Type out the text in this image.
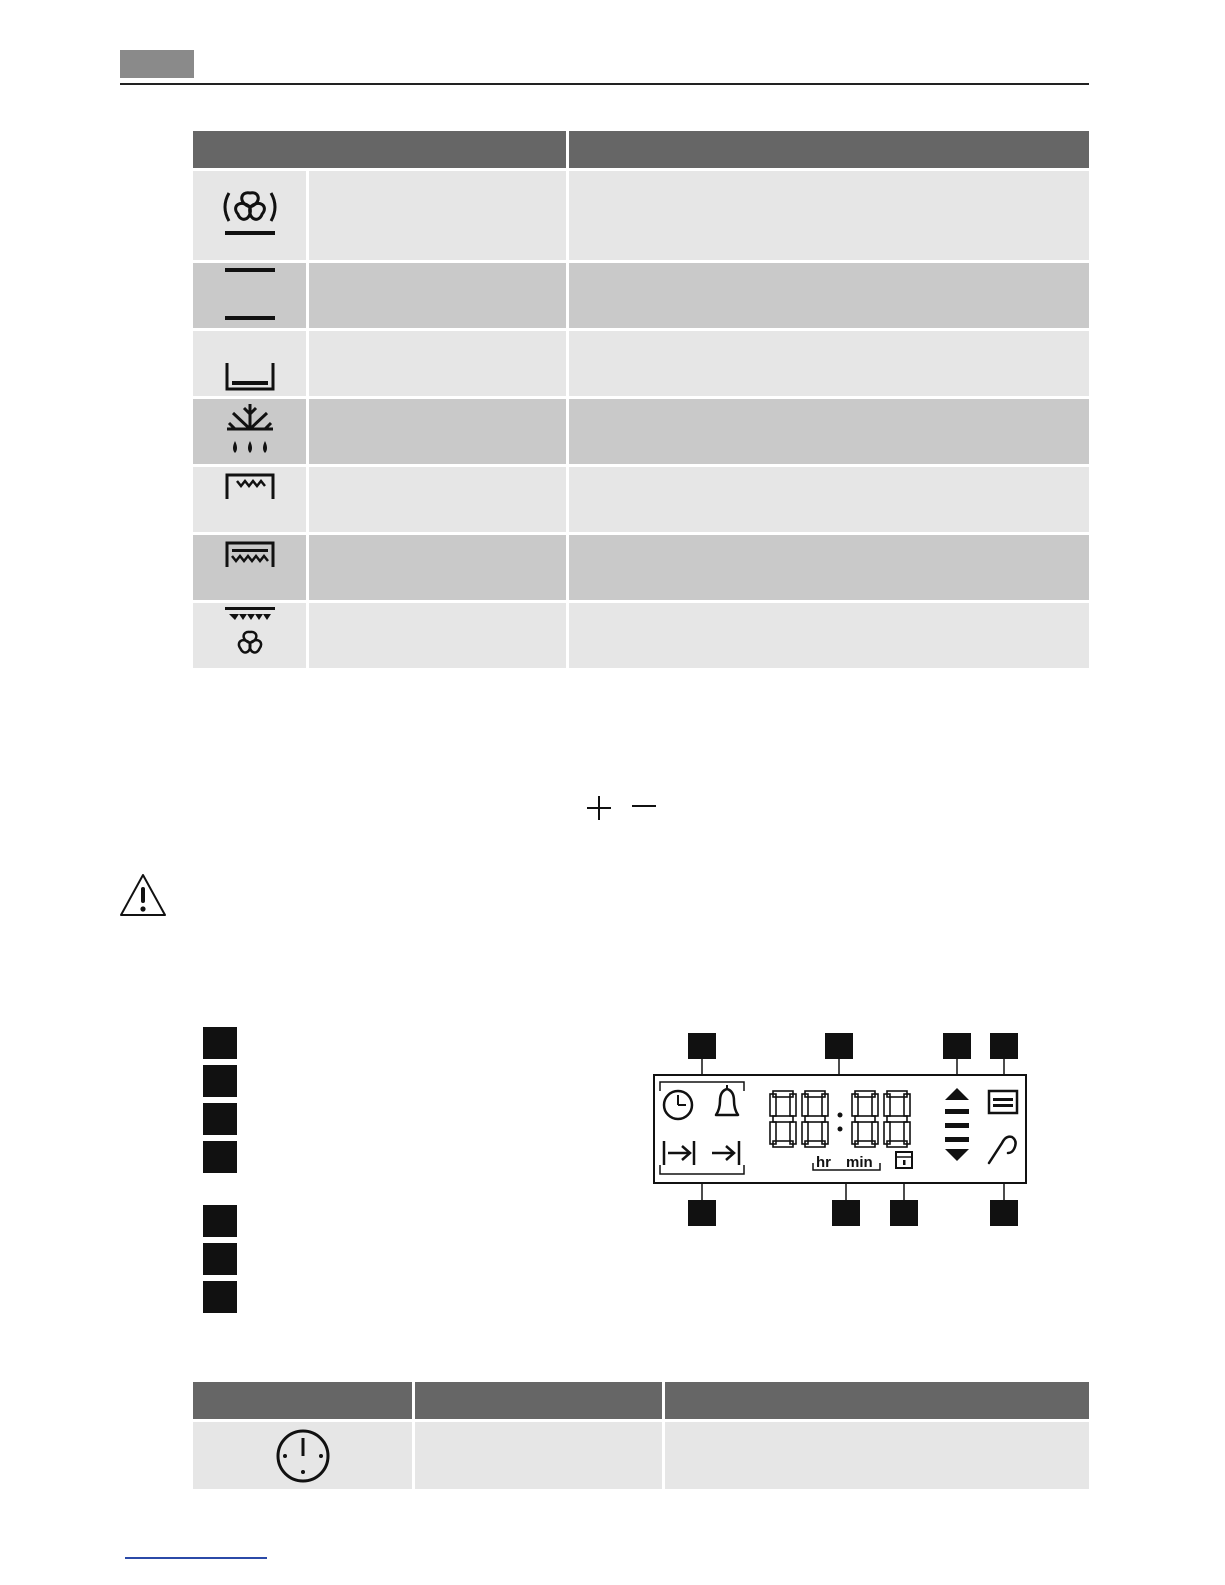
hr min
